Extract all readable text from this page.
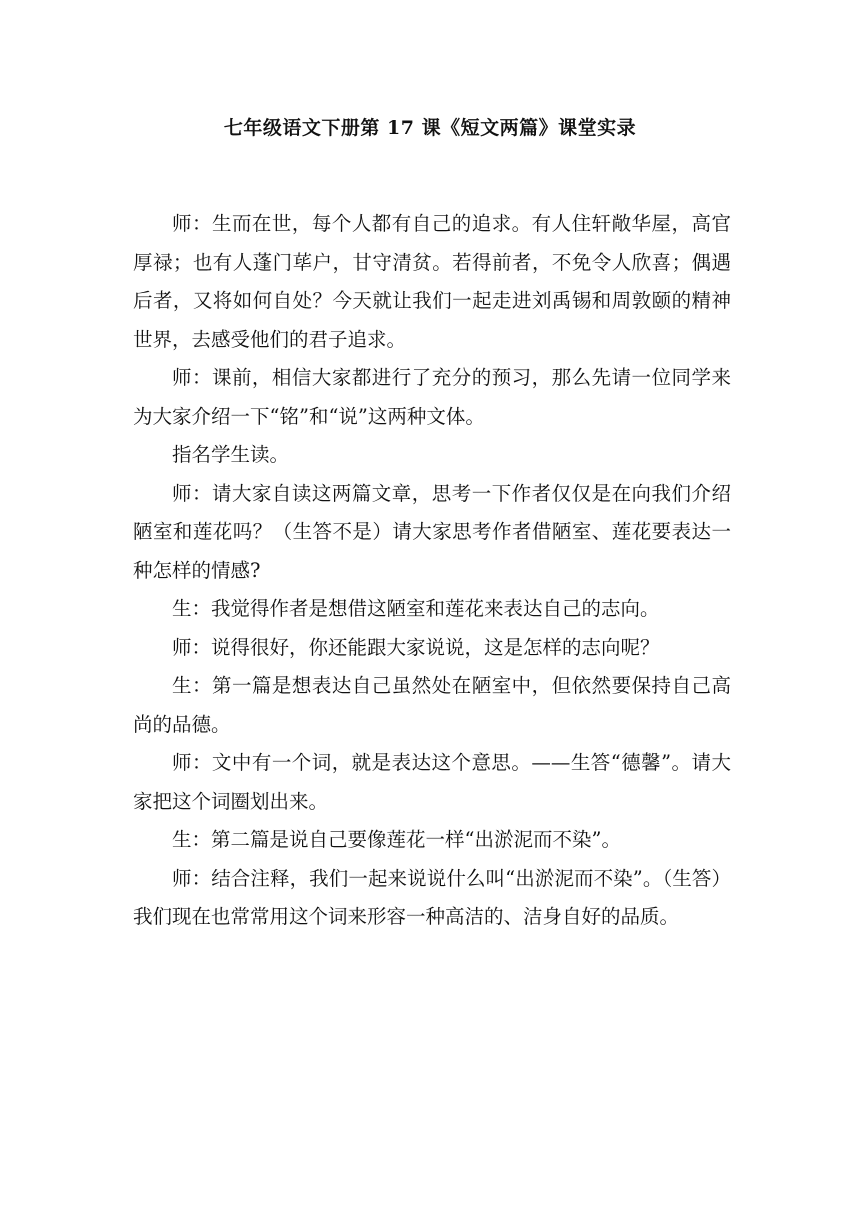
七年级语文下册第 17 课《短文两篇》课堂实录

师：生而在世，每个人都有自己的追求。有人住轩敞华屋，高官厚禄；也有人蓬门荜户，甘守清贫。若得前者，不免令人欣喜；偶遇后者，又将如何自处？今天就让我们一起走进刘禹锡和周敦颐的精神世界，去感受他们的君子追求。

师：课前，相信大家都进行了充分的预习，那么先请一位同学来为大家介绍一下“铭”和“说”这两种文体。

指名学生读。

师：请大家自读这两篇文章，思考一下作者仅仅是在向我们介绍陋室和莲花吗？（生答不是）请大家思考作者借陋室、莲花要表达一种怎样的情感?

生：我觉得作者是想借这陋室和莲花来表达自己的志向。

师：说得很好，你还能跟大家说说，这是怎样的志向呢？

生：第一篇是想表达自己虽然处在陋室中，但依然要保持自己高尚的品德。

师：文中有一个词，就是表达这个意思。——生答“德馨”。请大家把这个词圈划出来。

生：第二篇是说自己要像莲花一样“出淤泥而不染”。

师：结合注释，我们一起来说说什么叫“出淤泥而不染”。（生答）我们现在也常常用这个词来形容一种高洁的、洁身自好的品质。
